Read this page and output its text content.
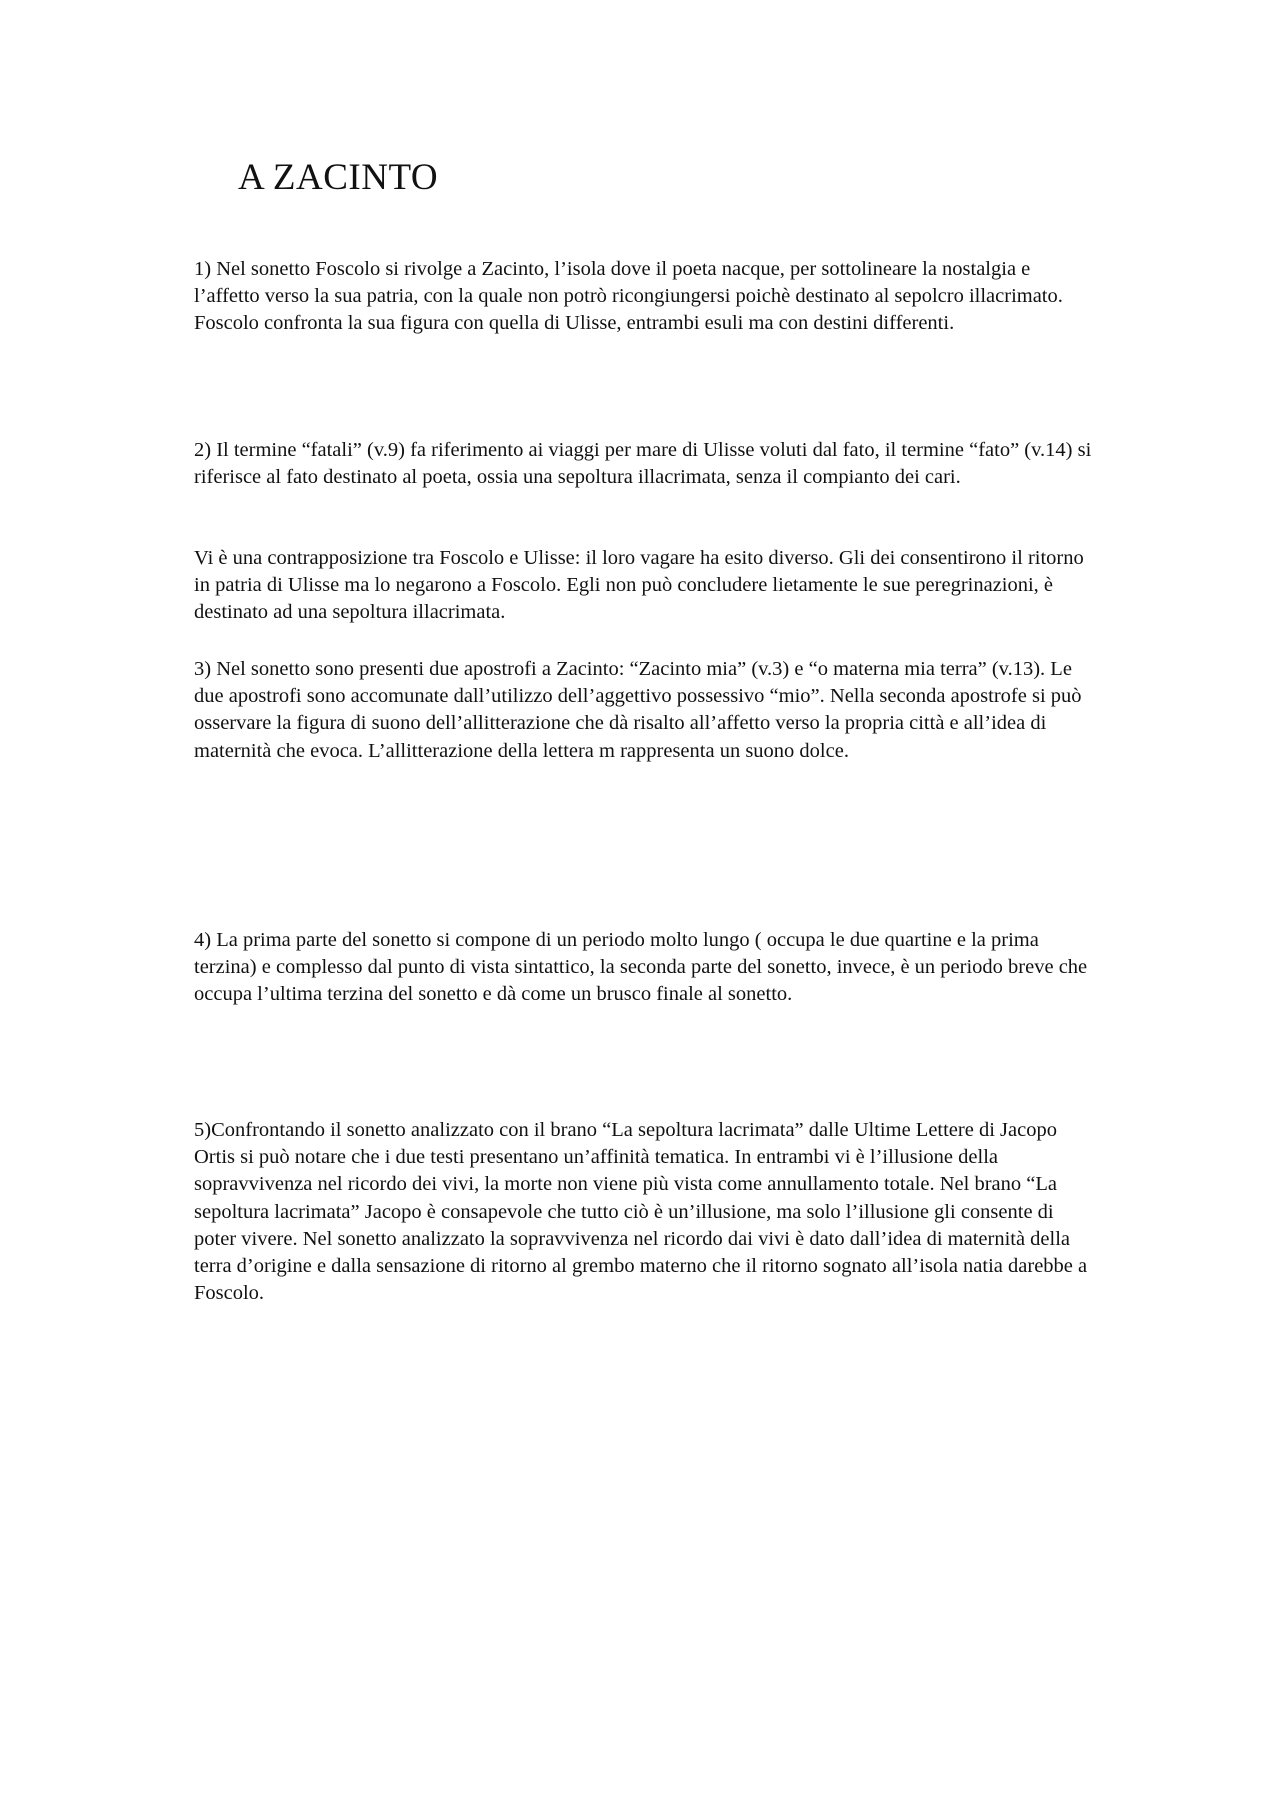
A ZACINTO

1) Nel sonetto Foscolo si rivolge a Zacinto, l’isola dove il poeta nacque, per sottolineare la nostalgia e l’affetto verso la sua patria, con la quale non potrò ricongiungersi poichè destinato al sepolcro illacrimato. Foscolo confronta la sua figura con quella di Ulisse, entrambi esuli ma con destini differenti.

2) Il termine “fatali” (v.9) fa riferimento ai viaggi per mare di Ulisse voluti dal fato, il termine “fato” (v.14) si riferisce al fato destinato al poeta, ossia una sepoltura illacrimata, senza il compianto dei cari.

Vi è una contrapposizione tra Foscolo e Ulisse: il loro vagare ha esito diverso. Gli dei consentirono il ritorno in patria di Ulisse ma lo negarono a Foscolo. Egli non può concludere lietamente le sue peregrinazioni, è destinato ad una sepoltura illacrimata.

3) Nel sonetto sono presenti due apostrofi a Zacinto: “Zacinto mia” (v.3) e “o materna mia terra” (v.13). Le due apostrofi sono accomunate dall’utilizzo dell’aggettivo possessivo “mio”. Nella seconda apostrofe si può osservare la figura di suono dell’allitterazione che dà risalto all’affetto verso la propria città e all’idea di maternità che evoca. L’allitterazione della lettera m rappresenta un suono dolce.

4) La prima parte del sonetto si compone di un periodo molto lungo ( occupa le due quartine e la prima terzina) e complesso dal punto di vista sintattico, la seconda parte del sonetto, invece, è un periodo breve che occupa l’ultima terzina del sonetto e dà come un brusco finale al sonetto.

5)Confrontando il sonetto analizzato con il brano “La sepoltura lacrimata” dalle Ultime Lettere di Jacopo Ortis si può notare che i due testi presentano un’affinità tematica. In entrambi vi è l’illusione della sopravvivenza nel ricordo dei vivi, la morte non viene più vista come annullamento totale. Nel brano “La sepoltura lacrimata” Jacopo è consapevole che tutto ciò è un’illusione, ma solo l’illusione gli consente di poter vivere. Nel sonetto analizzato la sopravvivenza nel ricordo dai vivi è dato dall’idea di maternità della terra d’origine e dalla sensazione di ritorno al grembo materno che il ritorno sognato all’isola natia darebbe a Foscolo.
